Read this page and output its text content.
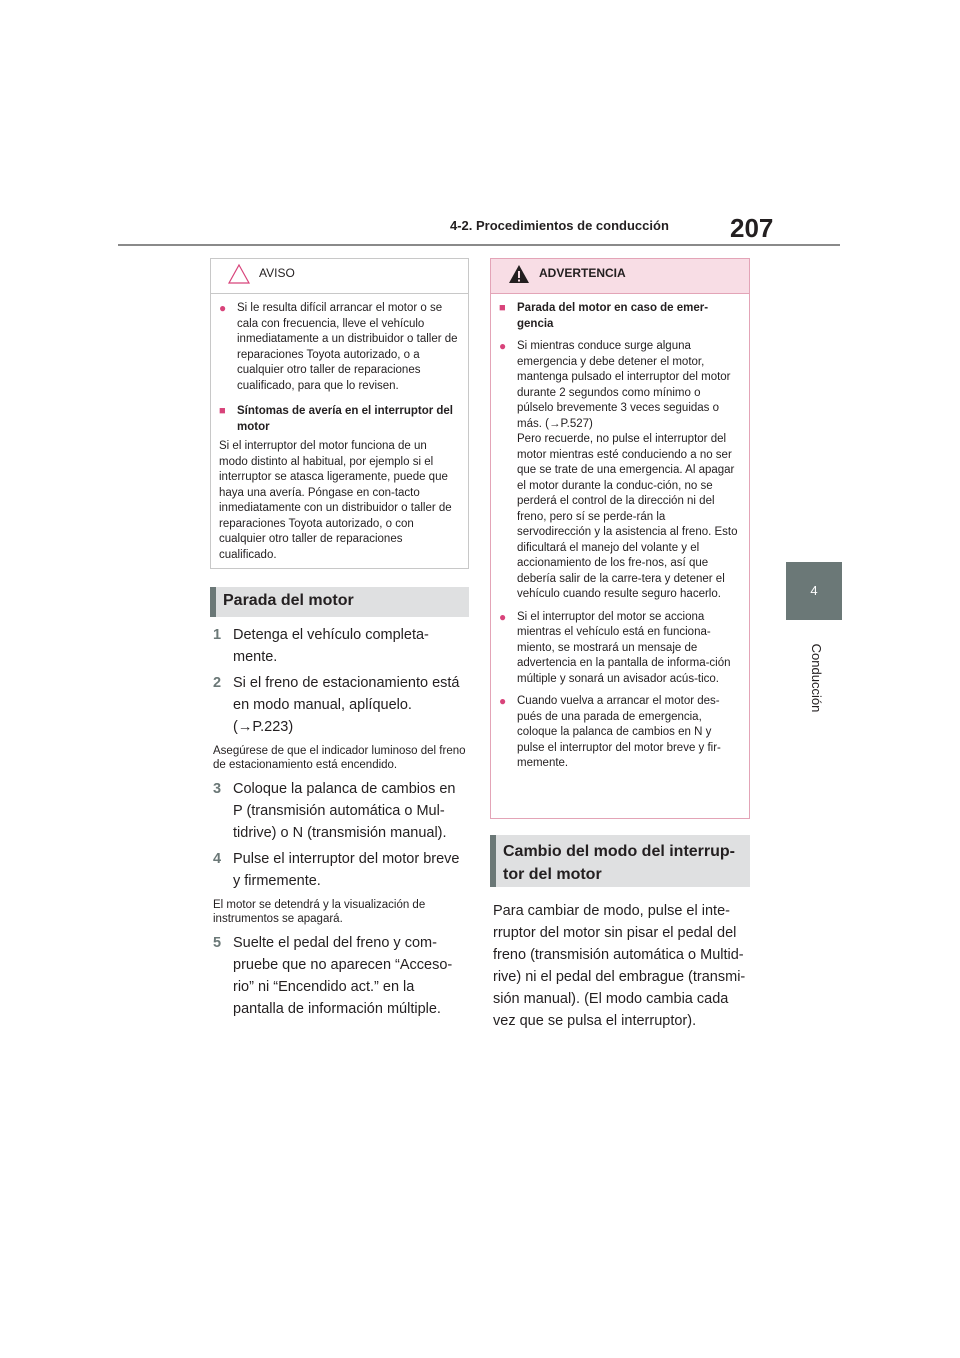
207
4-2. Procedimientos de conducción
4
Conducción
AVISO
● Si le resulta difícil arrancar el motor o se cala con frecuencia, lleve el vehículo inmediatamente a un distribuidor o taller de reparaciones Toyota autorizado, o a cualquier otro taller de reparaciones cualificado, para que lo revisen.
■ Síntomas de avería en el interruptor del motor
Si el interruptor del motor funciona de un modo distinto al habitual, por ejemplo si el interruptor se atasca ligeramente, puede que haya una avería. Póngase en con-tacto inmediatamente con un distribuidor o taller de reparaciones Toyota autorizado, o con cualquier otro taller de reparaciones cualificado.
Parada del motor
1 Detenga el vehículo completa-mente.
2 Si el freno de estacionamiento está en modo manual, aplíquelo. (→P.223)
Asegúrese de que el indicador luminoso del freno de estacionamiento está encendido.
3 Coloque la palanca de cambios en P (transmisión automática o Mul-tidrive) o N (transmisión manual).
4 Pulse el interruptor del motor breve y firmemente.
El motor se detendrá y la visualización de instrumentos se apagará.
5 Suelte el pedal del freno y com-pruebe que no aparecen “Acceso-rio” ni “Encendido act.” en la pantalla de información múltiple.
ADVERTENCIA
■ Parada del motor en caso de emer-gencia
● Si mientras conduce surge alguna emergencia y debe detener el motor, mantenga pulsado el interruptor del motor durante 2 segundos como mínimo o púlselo brevemente 3 veces seguidas o más. (→P.527)
Pero recuerde, no pulse el interruptor del motor mientras esté conduciendo a no ser que se trate de una emergencia. Al apagar el motor durante la conduc-ción, no se perderá el control de la dirección ni del freno, pero sí se perde-rán la servodirección y la asistencia al freno. Esto dificultará el manejo del volante y el accionamiento de los fre-nos, así que debería salir de la carre-tera y detener el vehículo cuando resulte seguro hacerlo.
● Si el interruptor del motor se acciona mientras el vehículo está en funciona-miento, se mostrará un mensaje de advertencia en la pantalla de informa-ción múltiple y sonará un avisador acús-tico.
● Cuando vuelva a arrancar el motor des-pués de una parada de emergencia, coloque la palanca de cambios en N y pulse el interruptor del motor breve y fir-memente.
Cambio del modo del interrup-tor del motor
Para cambiar de modo, pulse el inte-rruptor del motor sin pisar el pedal del freno (transmisión automática o Multid-rive) ni el pedal del embrague (transmi-sión manual). (El modo cambia cada vez que se pulsa el interruptor).
